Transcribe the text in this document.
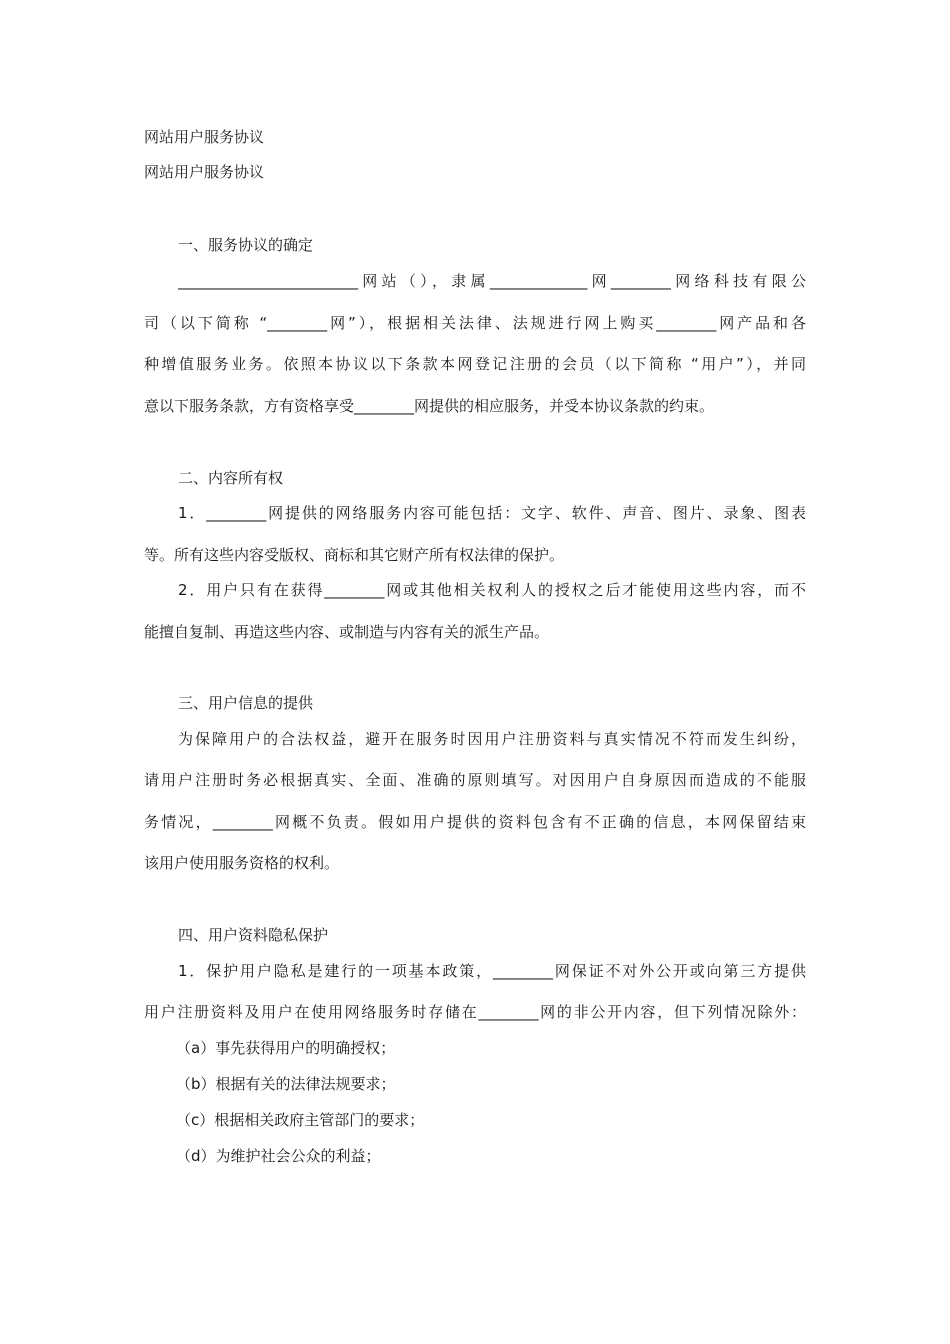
网站用户服务协议
网站用户服务协议
一、服务协议的确定
________________________网站（），隶属_____________网________网络科技有限公
司（以下简称 “________网”），根据相关法律、法规进行网上购买________网产品和各
种增值服务业务。依照本协议以下条款本网登记注册的会员（以下简称 “用户”），并同
意以下服务条款，方有资格享受________网提供的相应服务，并受本协议条款的约束。
二、内容所有权
1．________网提供的网络服务内容可能包括：文字、软件、声音、图片、录象、图表
等。所有这些内容受版权、商标和其它财产所有权法律的保护。
2．用户只有在获得________网或其他相关权利人的授权之后才能使用这些内容，而不
能擅自复制、再造这些内容、或制造与内容有关的派生产品。
三、用户信息的提供
为保障用户的合法权益，避开在服务时因用户注册资料与真实情况不符而发生纠纷，
请用户注册时务必根据真实、全面、准确的原则填写。对因用户自身原因而造成的不能服
务情况，________网概不负责。假如用户提供的资料包含有不正确的信息，本网保留结束
该用户使用服务资格的权利。
四、用户资料隐私保护
1．保护用户隐私是建行的一项基本政策，________网保证不对外公开或向第三方提供
用户注册资料及用户在使用网络服务时存储在________网的非公开内容，但下列情况除外：
（a）事先获得用户的明确授权；
（b）根据有关的法律法规要求；
（c）根据相关政府主管部门的要求；
（d）为维护社会公众的利益；
